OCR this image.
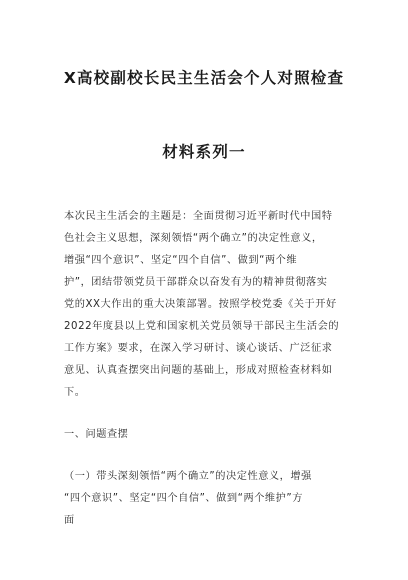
X高校副校长民主生活会个人对照检查
材料系列一
本次民主生活会的主题是：全面贯彻习近平新时代中国特
色社会主义思想，深刻领悟“两个确立”的决定性意义，
增强“四个意识”、坚定“四个自信”、做到“两个维
护”，团结带领党员干部群众以奋发有为的精神贯彻落实
党的XX大作出的重大决策部署。按照学校党委《关于开好
2022年度县以上党和国家机关党员领导干部民主生活会的
工作方案》要求，在深入学习研讨、谈心谈话、广泛征求
意见、认真查摆突出问题的基础上，形成对照检查材料如
下。
一、问题查摆
（一）带头深刻领悟“两个确立”的决定性意义，增强
“四个意识”、坚定“四个自信”、做到“两个维护”方
面
